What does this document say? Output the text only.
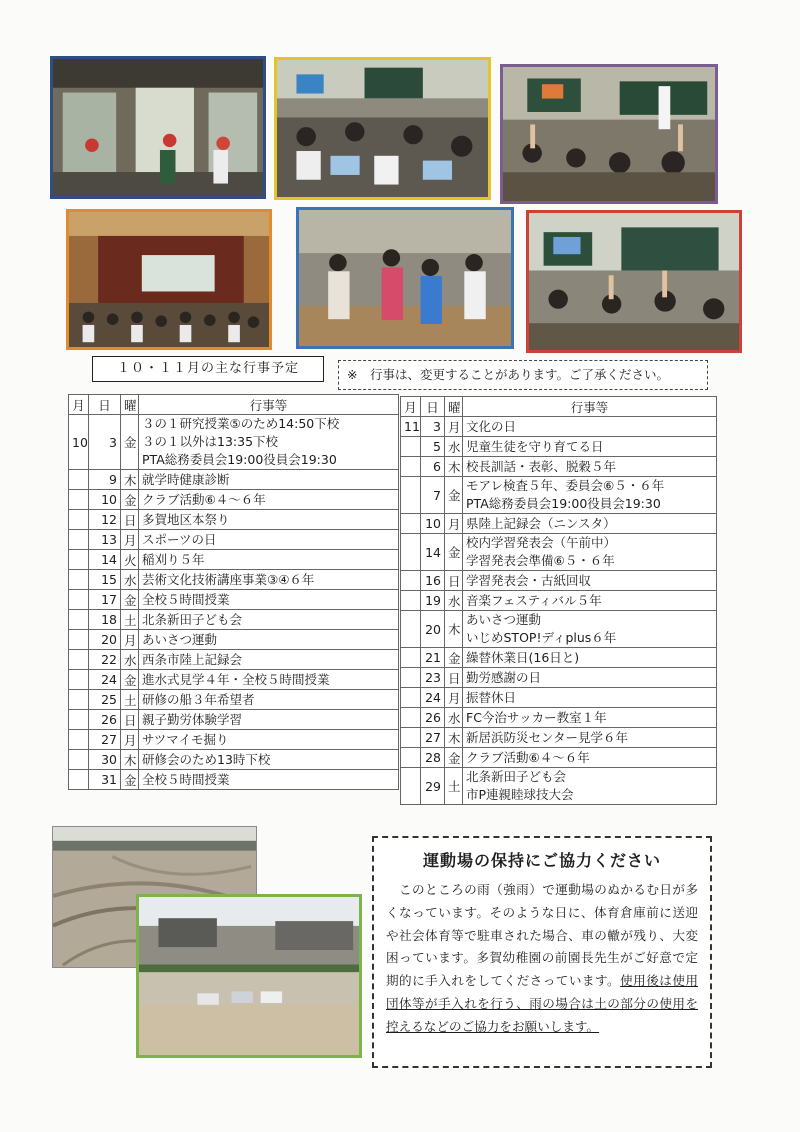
１０・１１月の主な行事予定	※　行事は、変更することがあります。ご了承ください。
月	日	曜	行事等
10	3	金	３の１研究授業⑤のため14:50下校
３の１以外は13:35下校
PTA総務委員会19:00役員会19:30

	9	木	就学時健康診断

	10	金	クラブ活動⑥４～６年

	12	日	多賀地区本祭り

	13	月	スポーツの日

	14	火	稲刈り５年

	15	水	芸術文化技術講座事業③④６年

	17	金	全校５時間授業

	18	土	北条新田子ども会

	20	月	あいさつ運動

	22	水	西条市陸上記録会

	24	金	進水式見学４年・全校５時間授業

	25	土	研修の船３年希望者

	26	日	親子勤労体験学習

	27	月	サツマイモ掘り

	30	木	研修会のため13時下校

	31	金	全校５時間授業
月	日	曜	行事等
11	3	月	文化の日

	5	水	児童生徒を守り育てる日

	6	木	校長訓話・表彰、脱穀５年

	7	金	モアレ検査５年、委員会⑥５・６年
PTA総務委員会19:00役員会19:30

	10	月	県陸上記録会（ニンスタ）

	14	金	校内学習発表会（午前中）
学習発表会準備⑥５・６年

	16	日	学習発表会・古紙回収

	19	水	音楽フェスティバル５年

	20	木	あいさつ運動
いじめSTOP!ディplus６年

	21	金	繰替休業日(16日と)

	23	日	勤労感謝の日

	24	月	振替休日

	26	水	FC今治サッカー教室１年

	27	木	新居浜防災センター見学６年

	28	金	クラブ活動⑥４～６年

	29	土	北条新田子ども会
市P連親睦球技大会
運動場の保持にご協力ください

　このところの雨（強雨）で運動場のぬかるむ日が多くなっています。そのような日に、体育倉庫前に送迎や社会体育等で駐車された場合、車の轍が残り、大変困っています。多賀幼稚園の前園長先生がご好意で定期的に手入れをしてくださっています。使用後は使用団体等が手入れを行う、雨の場合は土の部分の使用を控えるなどのご協力をお願いします。
